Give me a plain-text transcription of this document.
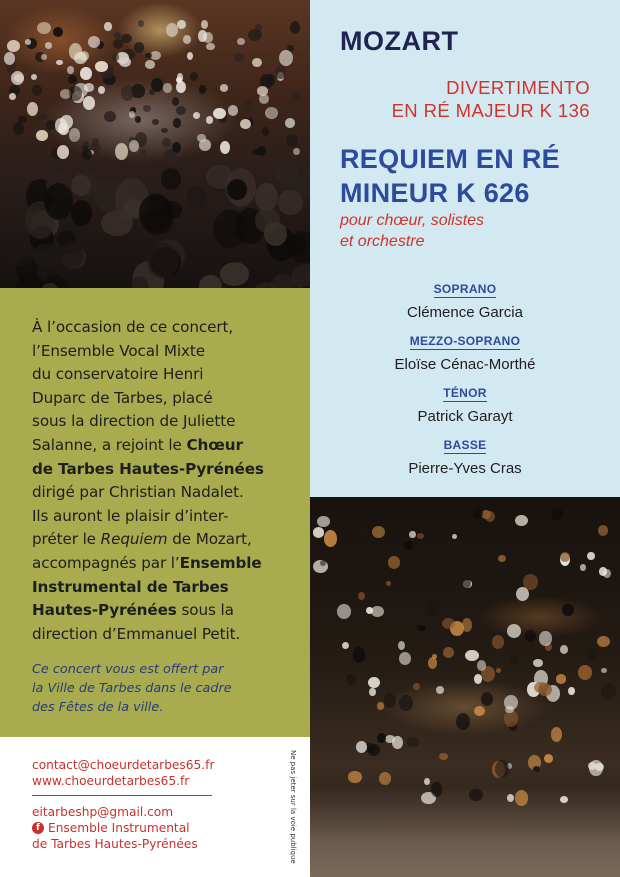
À l’occasion de ce concert,
l’Ensemble Vocal Mixte
du conservatoire Henri
Duparc de Tarbes, placé
sous la direction de Juliette
Salanne, a rejoint le Chœur
de Tarbes Hautes-Pyrénées
dirigé par Christian Nadalet.
Ils auront le plaisir d’inter-
préter le Requiem de Mozart,
accompagnés par l’Ensemble
Instrumental de Tarbes
Hautes-Pyrénées sous la
direction d’Emmanuel Petit.
Ce concert vous est offert par
la Ville de Tarbes dans le cadre
des Fêtes de la ville.
contact@choeurdetarbes65.fr
www.choeurdetarbes65.fr
eitarbeshp@gmail.com
f Ensemble Instrumental
de Tarbes Hautes-Pyrénées	Ne pas jeter sur la voie publique
MOZART
DIVERTIMENTO
EN RÉ MAJEUR K 136
REQUIEM EN RÉ
MINEUR K 626
pour chœur, solistes
et orchestre
SOPRANO
Clémence Garcia
MEZZO-SOPRANO
Eloïse Cénac-Morthé
TÉNOR
Patrick Garayt
BASSE
Pierre-Yves Cras
